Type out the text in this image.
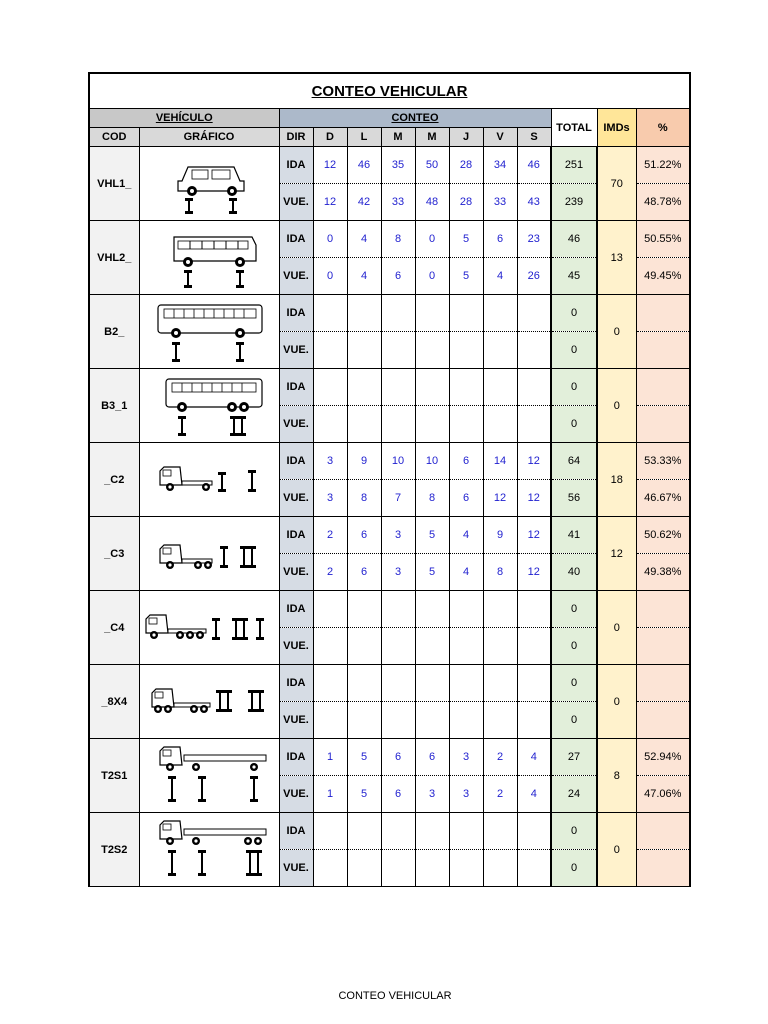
CONTEO VEHICULAR												
VEHÍCULO		CONTEO								TOTAL	IMDs	%
COD	GRÁFICO	DIR	D	L	M	M	J	V	S			
VHL1_		IDA	12	46	35	50	28	34	46	251	70	51.22%
		VUE.	12	42	33	48	28	33	43	239		48.78%
VHL2_		IDA	0	4	8	0	5	6	23	46	13	50.55%
		VUE.	0	4	6	0	5	4	26	45		49.45%
B2_		IDA								0	0	
		VUE.								0		
B3_1		IDA								0	0	
		VUE.								0		
_C2		IDA	3	9	10	10	6	14	12	64	18	53.33%
		VUE.	3	8	7	8	6	12	12	56		46.67%
_C3		IDA	2	6	3	5	4	9	12	41	12	50.62%
		VUE.	2	6	3	5	4	8	12	40		49.38%
_C4		IDA								0	0	
		VUE.								0		
_8X4		IDA								0	0	
		VUE.								0		
T2S1		IDA	1	5	6	6	3	2	4	27	8	52.94%
		VUE.	1	5	6	3	3	2	4	24		47.06%
T2S2		IDA								0	0	
		VUE.								0		
CONTEO VEHICULAR
